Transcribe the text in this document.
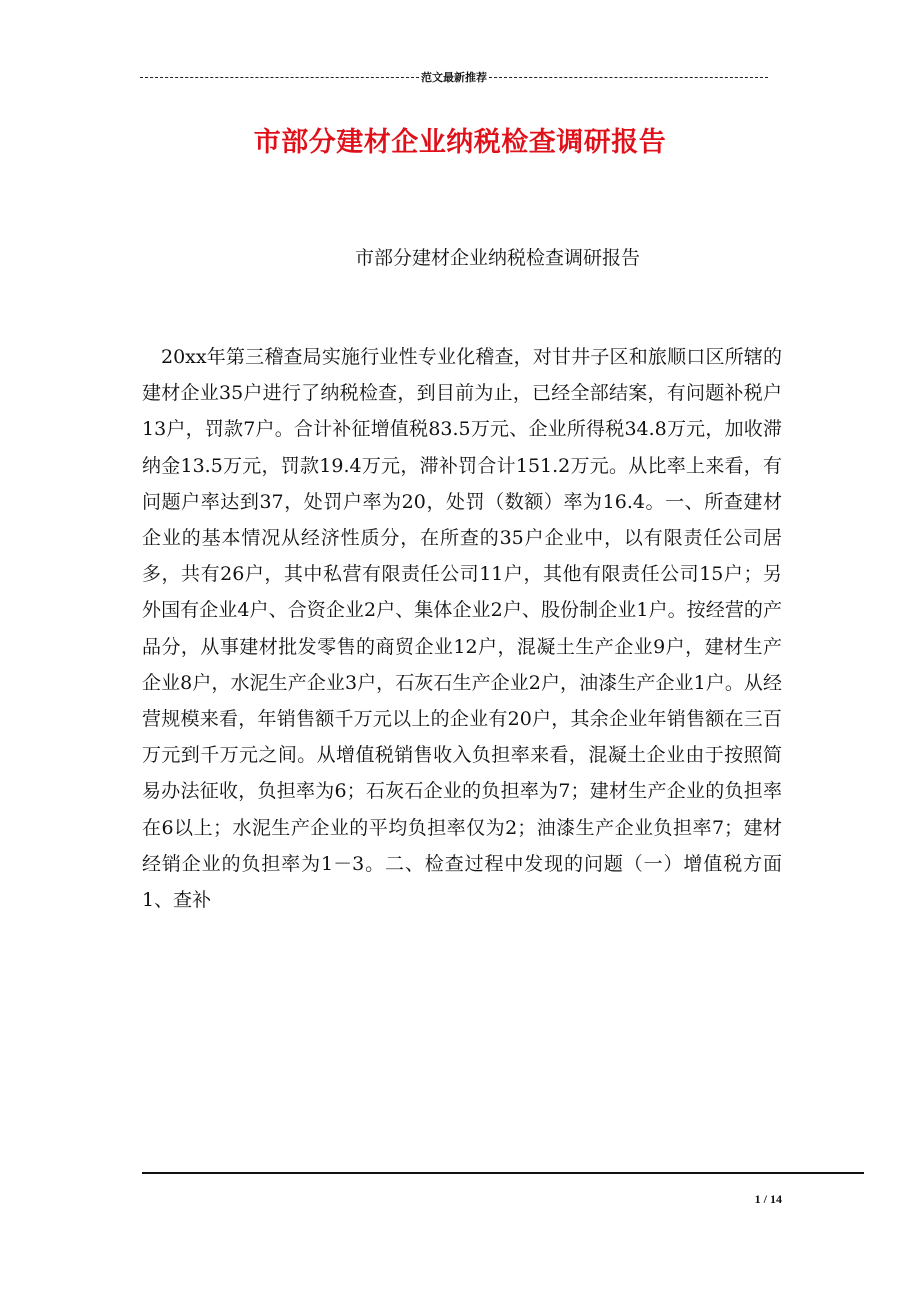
范文最新推荐
市部分建材企业纳税检查调研报告
市部分建材企业纳税检查调研报告

20xx年第三稽查局实施行业性专业化稽查，对甘井子区和旅顺口区所辖的建材企业35户进行了纳税检查，到目前为止，已经全部结案，有问题补税户13户，罚款7户。合计补征增值税83.5万元、企业所得税34.8万元，加收滞纳金13.5万元，罚款19.4万元，滞补罚合计151.2万元。从比率上来看，有问题户率达到37，处罚户率为20，处罚（数额）率为16.4。一、所查建材企业的基本情况从经济性质分，在所查的35户企业中，以有限责任公司居多，共有26户，其中私营有限责任公司11户，其他有限责任公司15户；另外国有企业4户、合资企业2户、集体企业2户、股份制企业1户。按经营的产品分，从事建材批发零售的商贸企业12户，混凝土生产企业9户，建材生产企业8户，水泥生产企业3户，石灰石生产企业2户，油漆生产企业1户。从经营规模来看，年销售额千万元以上的企业有20户，其余企业年销售额在三百万元到千万元之间。从增值税销售收入负担率来看，混凝土企业由于按照简易办法征收，负担率为6；石灰石企业的负担率为7；建材生产企业的负担率在6以上；水泥生产企业的平均负担率仅为2；油漆生产企业负担率7；建材经销企业的负担率为1－3。二、检查过程中发现的问题（一）增值税方面1、查补

1 / 14
